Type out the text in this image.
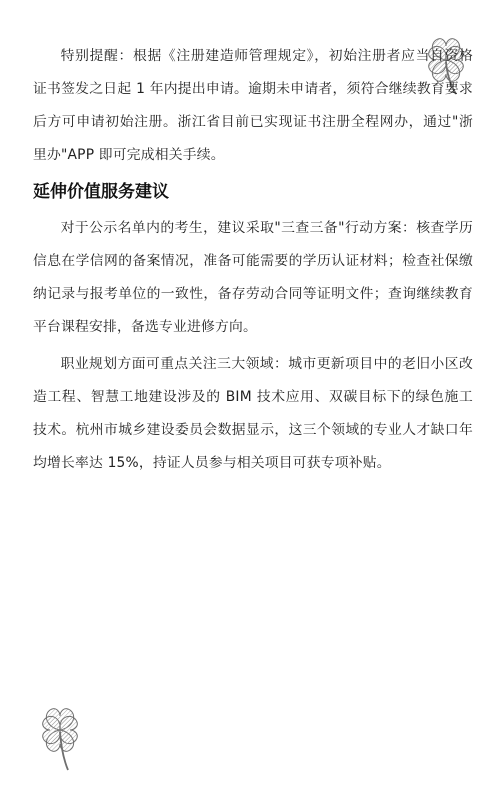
特别提醒：根据《注册建造师管理规定》，初始注册者应当自资格证书签发之日起 1 年内提出申请。逾期未申请者，须符合继续教育要求后方可申请初始注册。浙江省目前已实现证书注册全程网办，通过"浙里办"APP 即可完成相关手续。

延伸价值服务建议

对于公示名单内的考生，建议采取"三查三备"行动方案：核查学历信息在学信网的备案情况，准备可能需要的学历认证材料；检查社保缴纳记录与报考单位的一致性，备存劳动合同等证明文件；查询继续教育平台课程安排，备选专业进修方向。

职业规划方面可重点关注三大领域：城市更新项目中的老旧小区改造工程、智慧工地建设涉及的 BIM 技术应用、双碳目标下的绿色施工技术。杭州市城乡建设委员会数据显示，这三个领域的专业人才缺口年均增长率达 15%，持证人员参与相关项目可获专项补贴。
